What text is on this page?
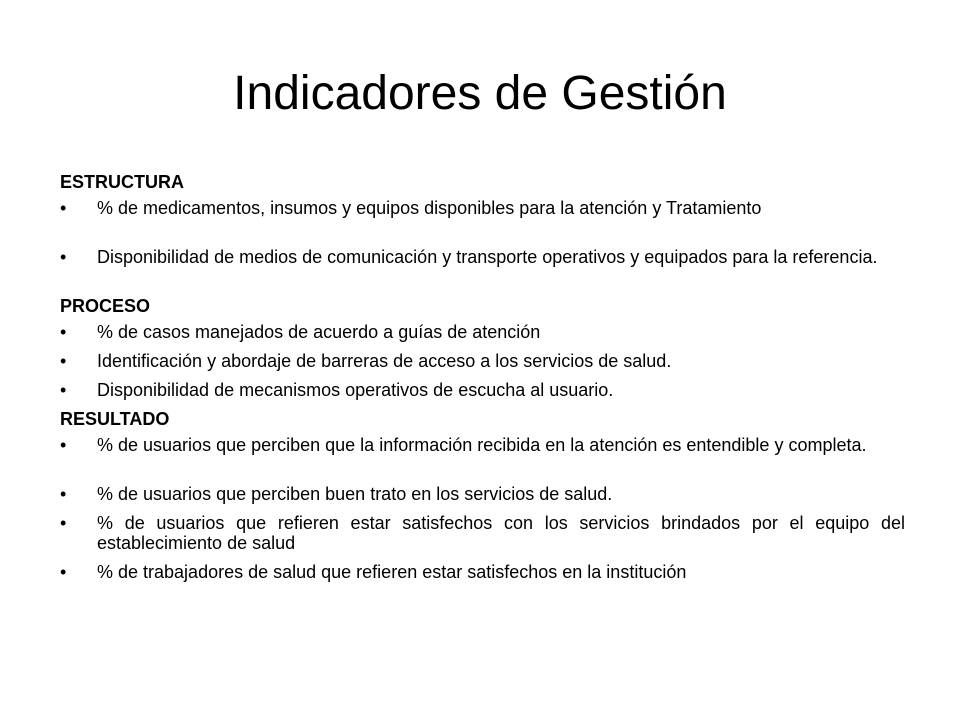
Indicadores de Gestión

ESTRUCTURA

•	% de medicamentos, insumos y equipos disponibles para la atención y Tratamiento
•	Disponibilidad de medios de comunicación y transporte operativos y equipados para la referencia.

PROCESO

•	% de casos manejados de acuerdo a guías de atención
•	Identificación y abordaje de barreras de acceso a los servicios de salud.
•	Disponibilidad de mecanismos operativos de escucha al usuario.

RESULTADO

•	% de usuarios que perciben que la información recibida en la atención es entendible y completa.
•	% de usuarios que perciben buen trato en los servicios de salud.
•	% de usuarios que refieren estar satisfechos con los servicios brindados por el equipo del establecimiento de salud
•	% de trabajadores de salud que refieren estar satisfechos en la institución
